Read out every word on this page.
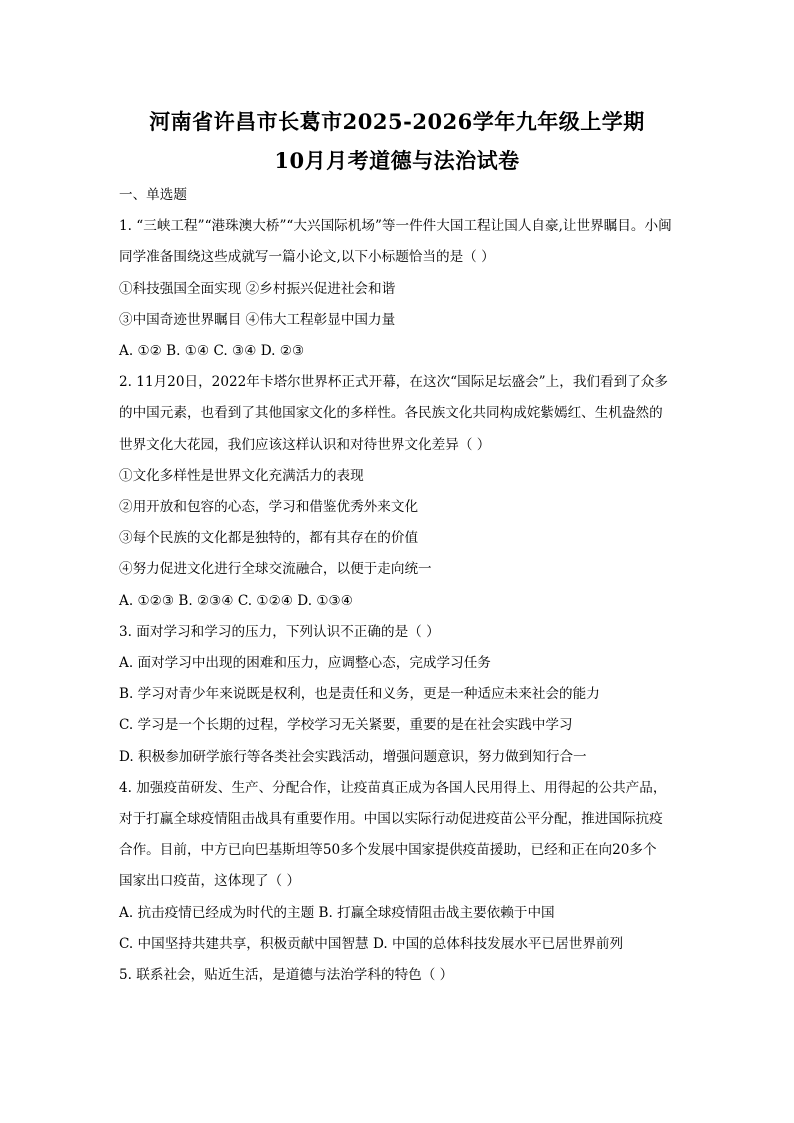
河南省许昌市长葛市2025-2026学年九年级上学期
10月月考道德与法治试卷
一、单选题
1. “三峡工程”“港珠澳大桥”“大兴国际机场”等一件件大国工程让国人自豪,让世界瞩目。小闽
同学准备围绕这些成就写一篇小论文,以下小标题恰当的是（ ）
①科技强国全面实现 ②乡村振兴促进社会和谐
③中国奇迹世界瞩目 ④伟大工程彰显中国力量
A. ①② B. ①④ C. ③④ D. ②③
2. 11月20日，2022年卡塔尔世界杯正式开幕，在这次“国际足坛盛会”上，我们看到了众多
的中国元素，也看到了其他国家文化的多样性。各民族文化共同构成姹紫嫣红、生机盎然的
世界文化大花园，我们应该这样认识和对待世界文化差异（ ）
①文化多样性是世界文化充满活力的表现
②用开放和包容的心态，学习和借鉴优秀外来文化
③每个民族的文化都是独特的，都有其存在的价值
④努力促进文化进行全球交流融合，以便于走向统一
A. ①②③ B. ②③④ C. ①②④ D. ①③④
3. 面对学习和学习的压力，下列认识不正确的是（ ）
A. 面对学习中出现的困难和压力，应调整心态，完成学习任务
B. 学习对青少年来说既是权利，也是责任和义务，更是一种适应未来社会的能力
C. 学习是一个长期的过程，学校学习无关紧要，重要的是在社会实践中学习
D. 积极参加研学旅行等各类社会实践活动，增强问题意识，努力做到知行合一
4. 加强疫苗研发、生产、分配合作，让疫苗真正成为各国人民用得上、用得起的公共产品，
对于打赢全球疫情阻击战具有重要作用。中国以实际行动促进疫苗公平分配，推进国际抗疫
合作。目前，中方已向巴基斯坦等50多个发展中国家提供疫苗援助，已经和正在向20多个
国家出口疫苗，这体现了（ ）
A. 抗击疫情已经成为时代的主题 B. 打赢全球疫情阻击战主要依赖于中国
C. 中国坚持共建共享，积极贡献中国智慧 D. 中国的总体科技发展水平已居世界前列
5. 联系社会，贴近生活，是道德与法治学科的特色（ ）
